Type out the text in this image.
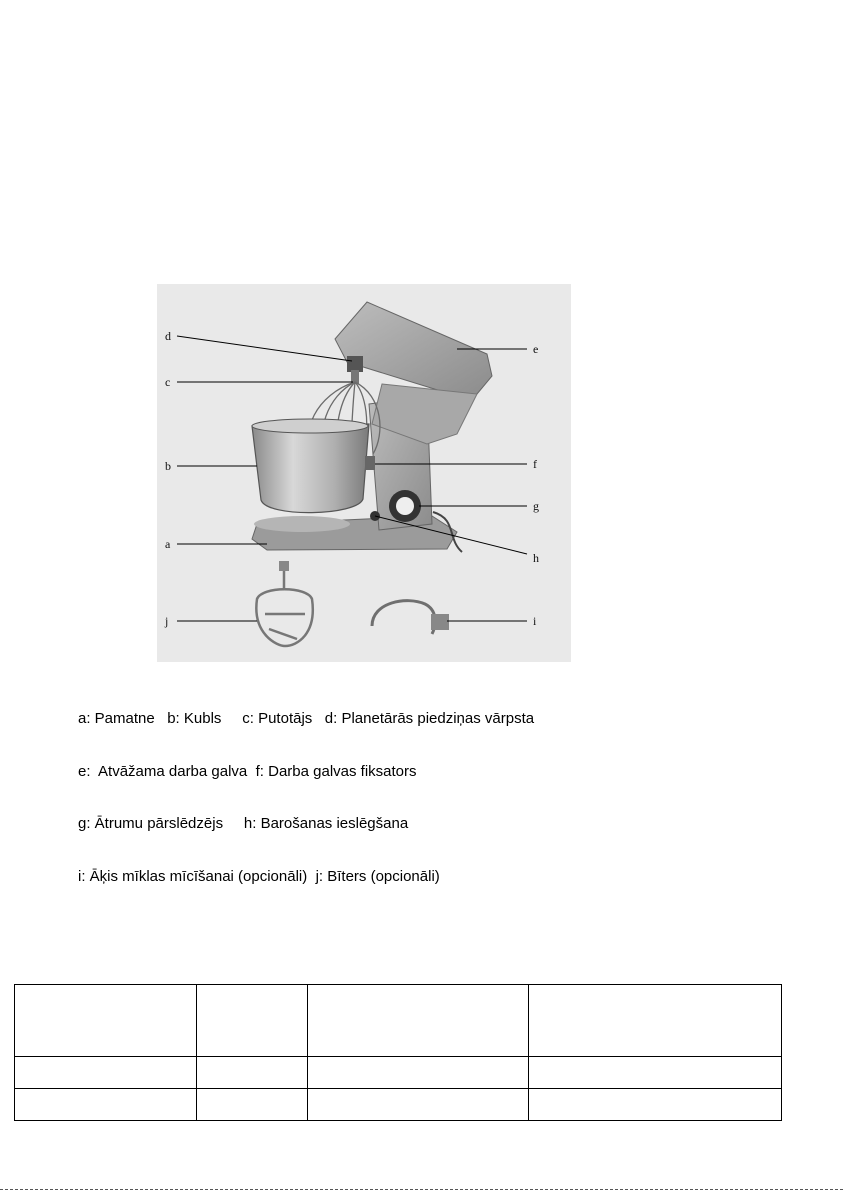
d
c
b
a
e
f
g
h
i
j

a: Pamatne   b: Kubls     c: Putotājs   d: Planetārās piedziņas vārpsta

e:  Atvāžama darba galva  f: Darba galvas fiksators

g: Ātrumu pārslēdzējs     h: Barošanas ieslēgšana

i: Āķis mīklas mīcīšanai (opcionāli)  j: Bīters (opcionāli)
